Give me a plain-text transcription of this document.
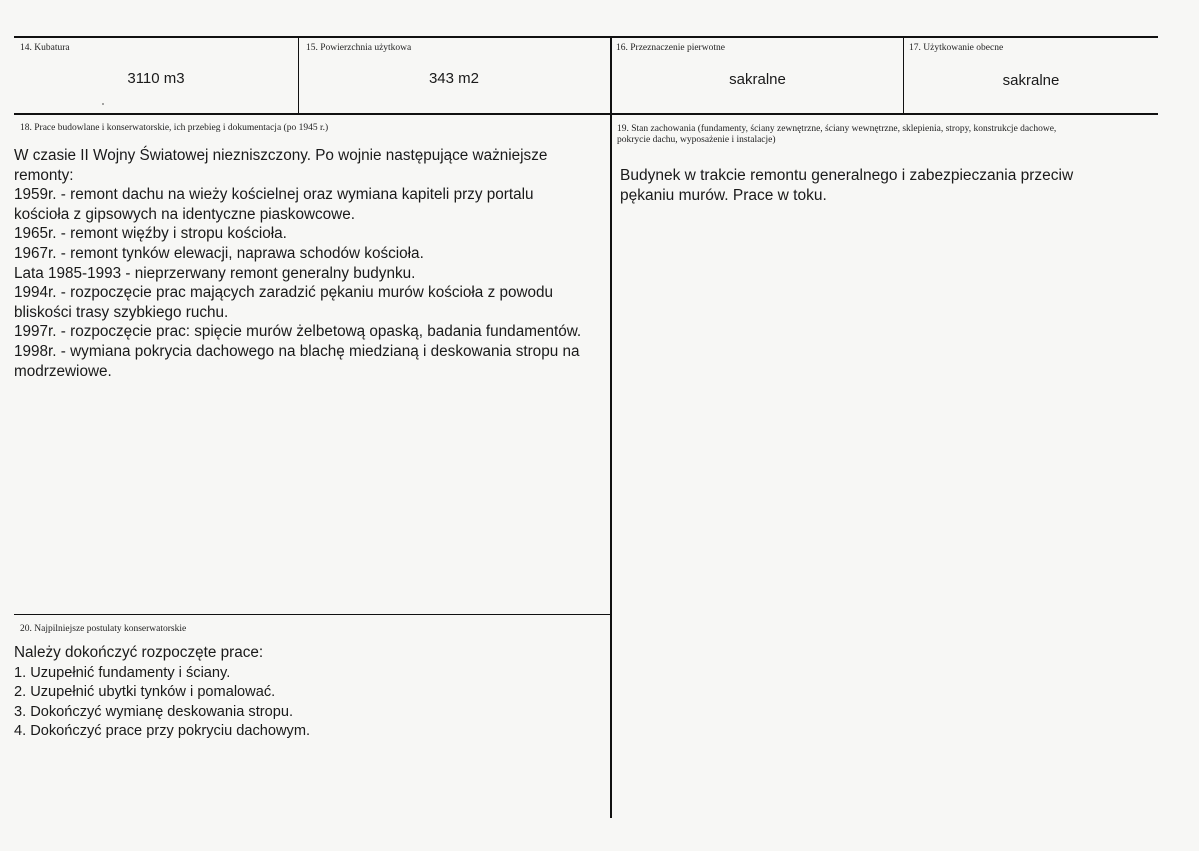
14. Kubatura
3110 m3
15. Powierzchnia użytkowa
343 m2
16. Przeznaczenie pierwotne
sakralne
17. Użytkowanie obecne
sakralne
18. Prace budowlane i konserwatorskie, ich przebieg i dokumentacja (po 1945 r.)
W czasie II Wojny Światowej niezniszczony. Po wojnie następujące ważniejsze
remonty:
1959r. - remont dachu na wieży kościelnej oraz wymiana kapiteli przy portalu
kościoła z gipsowych na identyczne piaskowcowe.
1965r. - remont więźby i stropu kościoła.
1967r. - remont tynków elewacji, naprawa schodów kościoła.
Lata 1985-1993 - nieprzerwany remont generalny budynku.
1994r. - rozpoczęcie prac mających zaradzić pękaniu murów kościoła z powodu
bliskości trasy szybkiego ruchu.
1997r. - rozpoczęcie prac: spięcie murów żelbetową opaską, badania fundamentów.
1998r. - wymiana pokrycia dachowego na blachę miedzianą i deskowania stropu na
modrzewiowe.
19. Stan zachowania (fundamenty, ściany zewnętrzne, ściany wewnętrzne, sklepienia, stropy, konstrukcje dachowe,
pokrycie dachu, wyposażenie i instalacje)
Budynek w trakcie remontu generalnego i zabezpieczania przeciw
pękaniu murów. Prace w toku.
20. Najpilniejsze postulaty konserwatorskie
Należy dokończyć rozpoczęte prace:
1. Uzupełnić fundamenty i ściany.
2. Uzupełnić ubytki tynków i pomalować.
3. Dokończyć wymianę deskowania stropu.
4. Dokończyć prace przy pokryciu dachowym.
